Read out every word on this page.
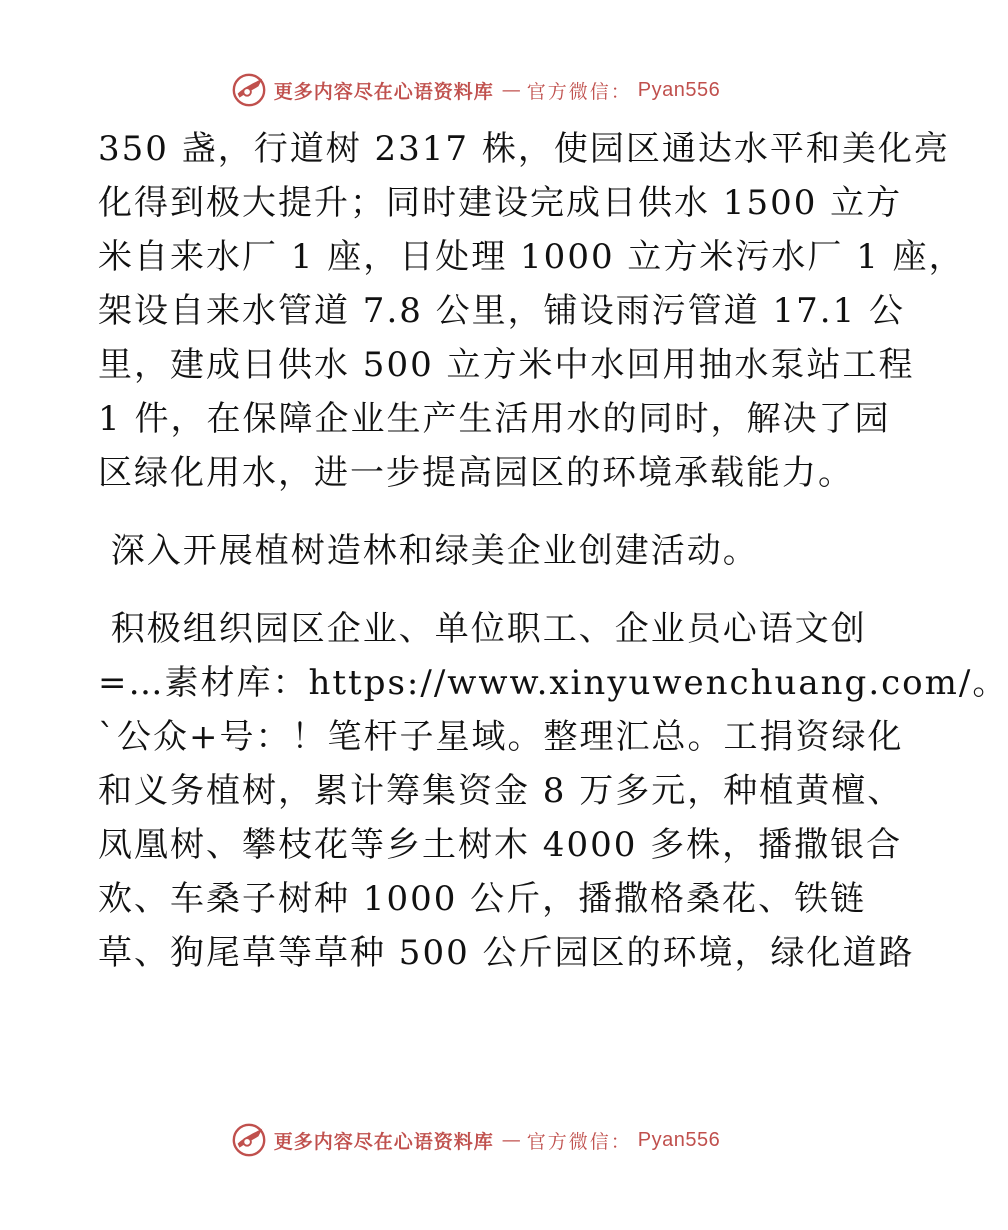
更多内容尽在心语资料库 — 官方微信： Pyan556
350 盏，行道树 2317 株，使园区通达水平和美化亮
化得到极大提升；同时建设完成日供水 1500 立方
米自来水厂 1 座，日处理 1000 立方米污水厂 1 座，
架设自来水管道 7.8 公里，铺设雨污管道 17.1 公
里，建成日供水 500 立方米中水回用抽水泵站工程
1 件，在保障企业生产生活用水的同时，解决了园
区绿化用水，进一步提高园区的环境承载能力。
深入开展植树造林和绿美企业创建活动。
积极组织园区企业、单位职工、企业员心语文创
=…素材库：https://www.xinyuwenchuang.com/。
`公众+号：！笔杆子星域。整理汇总。工捐资绿化
和义务植树，累计筹集资金 8 万多元，种植黄檀、
凤凰树、攀枝花等乡土树木 4000 多株，播撒银合
欢、车桑子树种 1000 公斤，播撒格桑花、铁链
草、狗尾草等草种 500 公斤园区的环境，绿化道路
更多内容尽在心语资料库 — 官方微信： Pyan556
